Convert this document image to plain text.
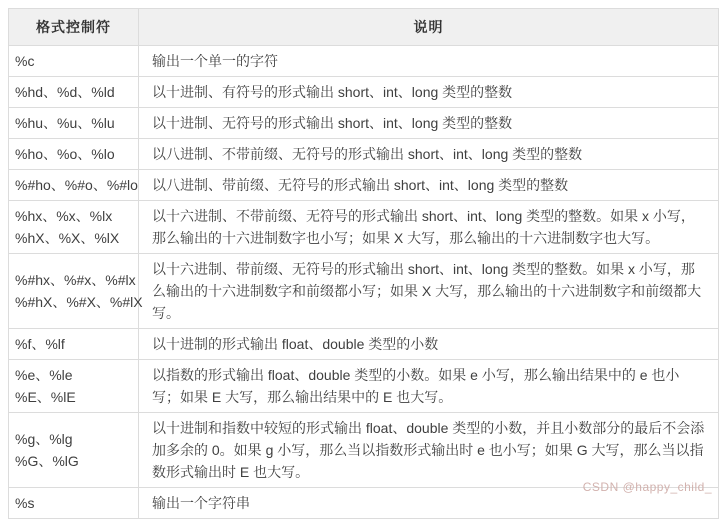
格式控制符	说明

%c	输出一个单一的字符

%hd、%d、%ld	以十进制、有符号的形式输出 short、int、long 类型的整数

%hu、%u、%lu	以十进制、无符号的形式输出 short、int、long 类型的整数

%ho、%o、%lo	以八进制、不带前缀、无符号的形式输出 short、int、long 类型的整数

%#ho、%#o、%#lo	以八进制、带前缀、无符号的形式输出 short、int、long 类型的整数

%hx、%x、%lx
%hX、%X、%lX	以十六进制、不带前缀、无符号的形式输出 short、int、long 类型的整数。如果 x 小写，那么输出的十六进制数字也小写；如果 X 大写，那么输出的十六进制数字也大写。

%#hx、%#x、%#lx
%#hX、%#X、%#lX	以十六进制、带前缀、无符号的形式输出 short、int、long 类型的整数。如果 x 小写，那么输出的十六进制数字和前缀都小写；如果 X 大写，那么输出的十六进制数字和前缀都大写。

%f、%lf	以十进制的形式输出 float、double 类型的小数

%e、%le
%E、%lE	以指数的形式输出 float、double 类型的小数。如果 e 小写，那么输出结果中的 e 也小写；如果 E 大写，那么输出结果中的 E 也大写。

%g、%lg
%G、%lG	以十进制和指数中较短的形式输出 float、double 类型的小数，并且小数部分的最后不会添加多余的 0。如果 g 小写，那么当以指数形式输出时 e 也小写；如果 G 大写，那么当以指数形式输出时 E 也大写。

%s	输出一个字符串
CSDN @happy_child_
